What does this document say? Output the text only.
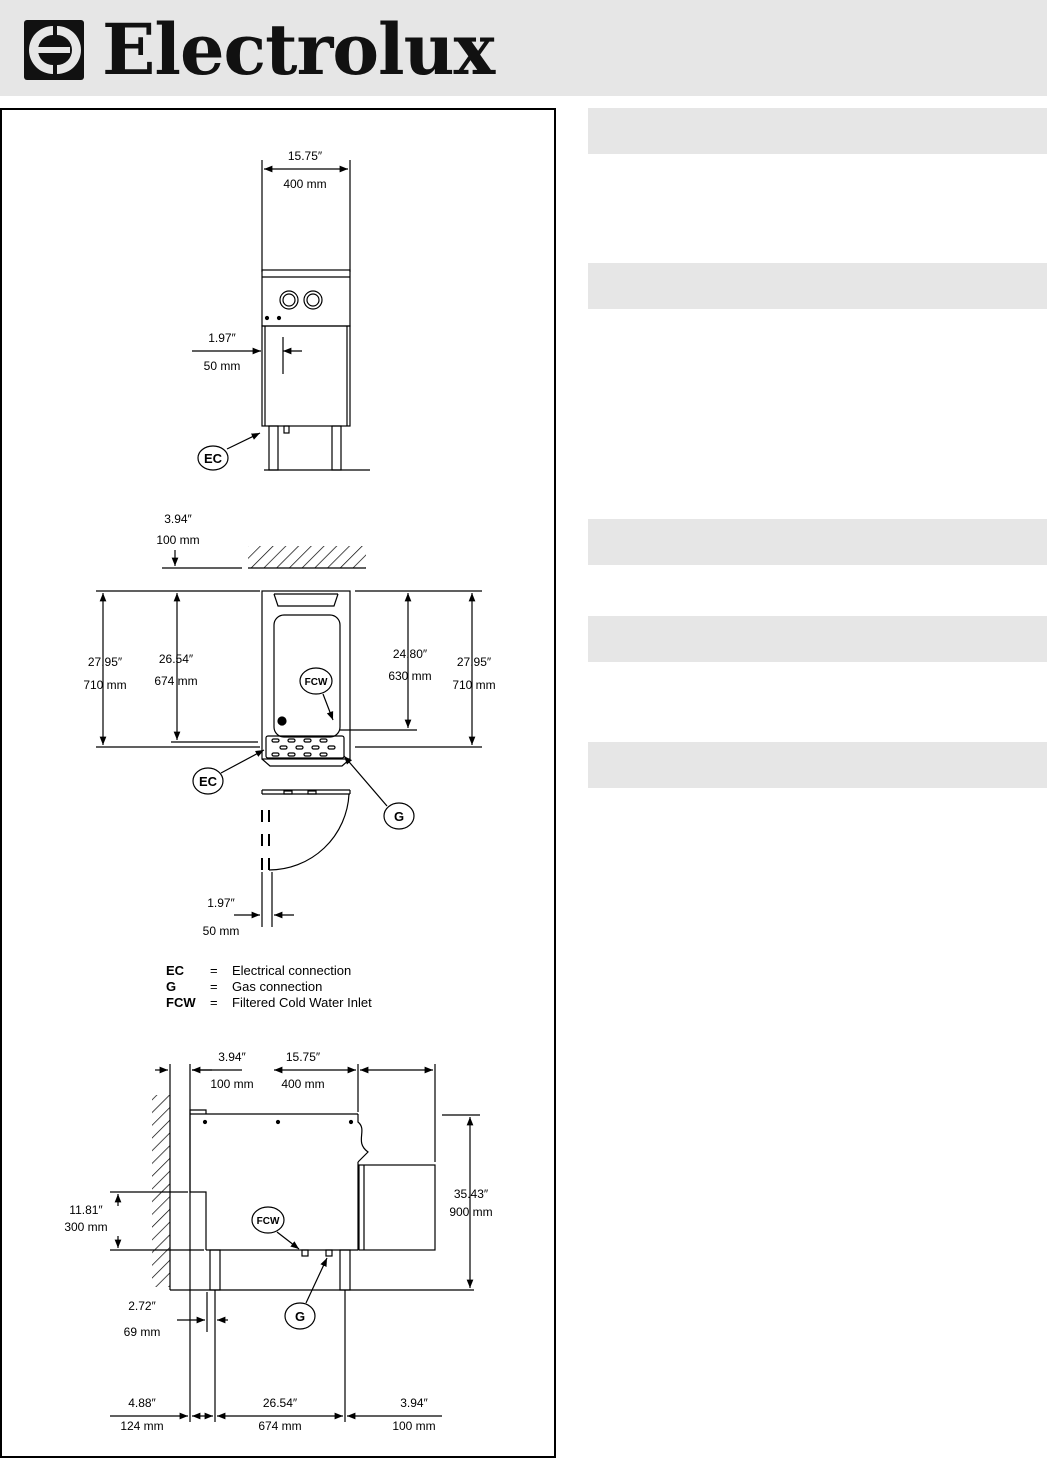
Electrolux
15.75″
400 mm
1.97″
50 mm
EC
3.94″
100 mm
27.95″
710 mm
26.54″
674 mm
24.80″
630 mm
27.95″
710 mm
1.97″
50 mm
FCW
EC
G
EC = Electrical connection
G	= Gas connection
FCW = Filtered Cold Water Inlet
3.94″
100 mm
15.75″
400 mm
35.43″
900 mm
11.81″
300 mm
2.72″
69 mm
4.88″
124 mm
26.54″
674 mm
3.94″
100 mm
FCW
G
